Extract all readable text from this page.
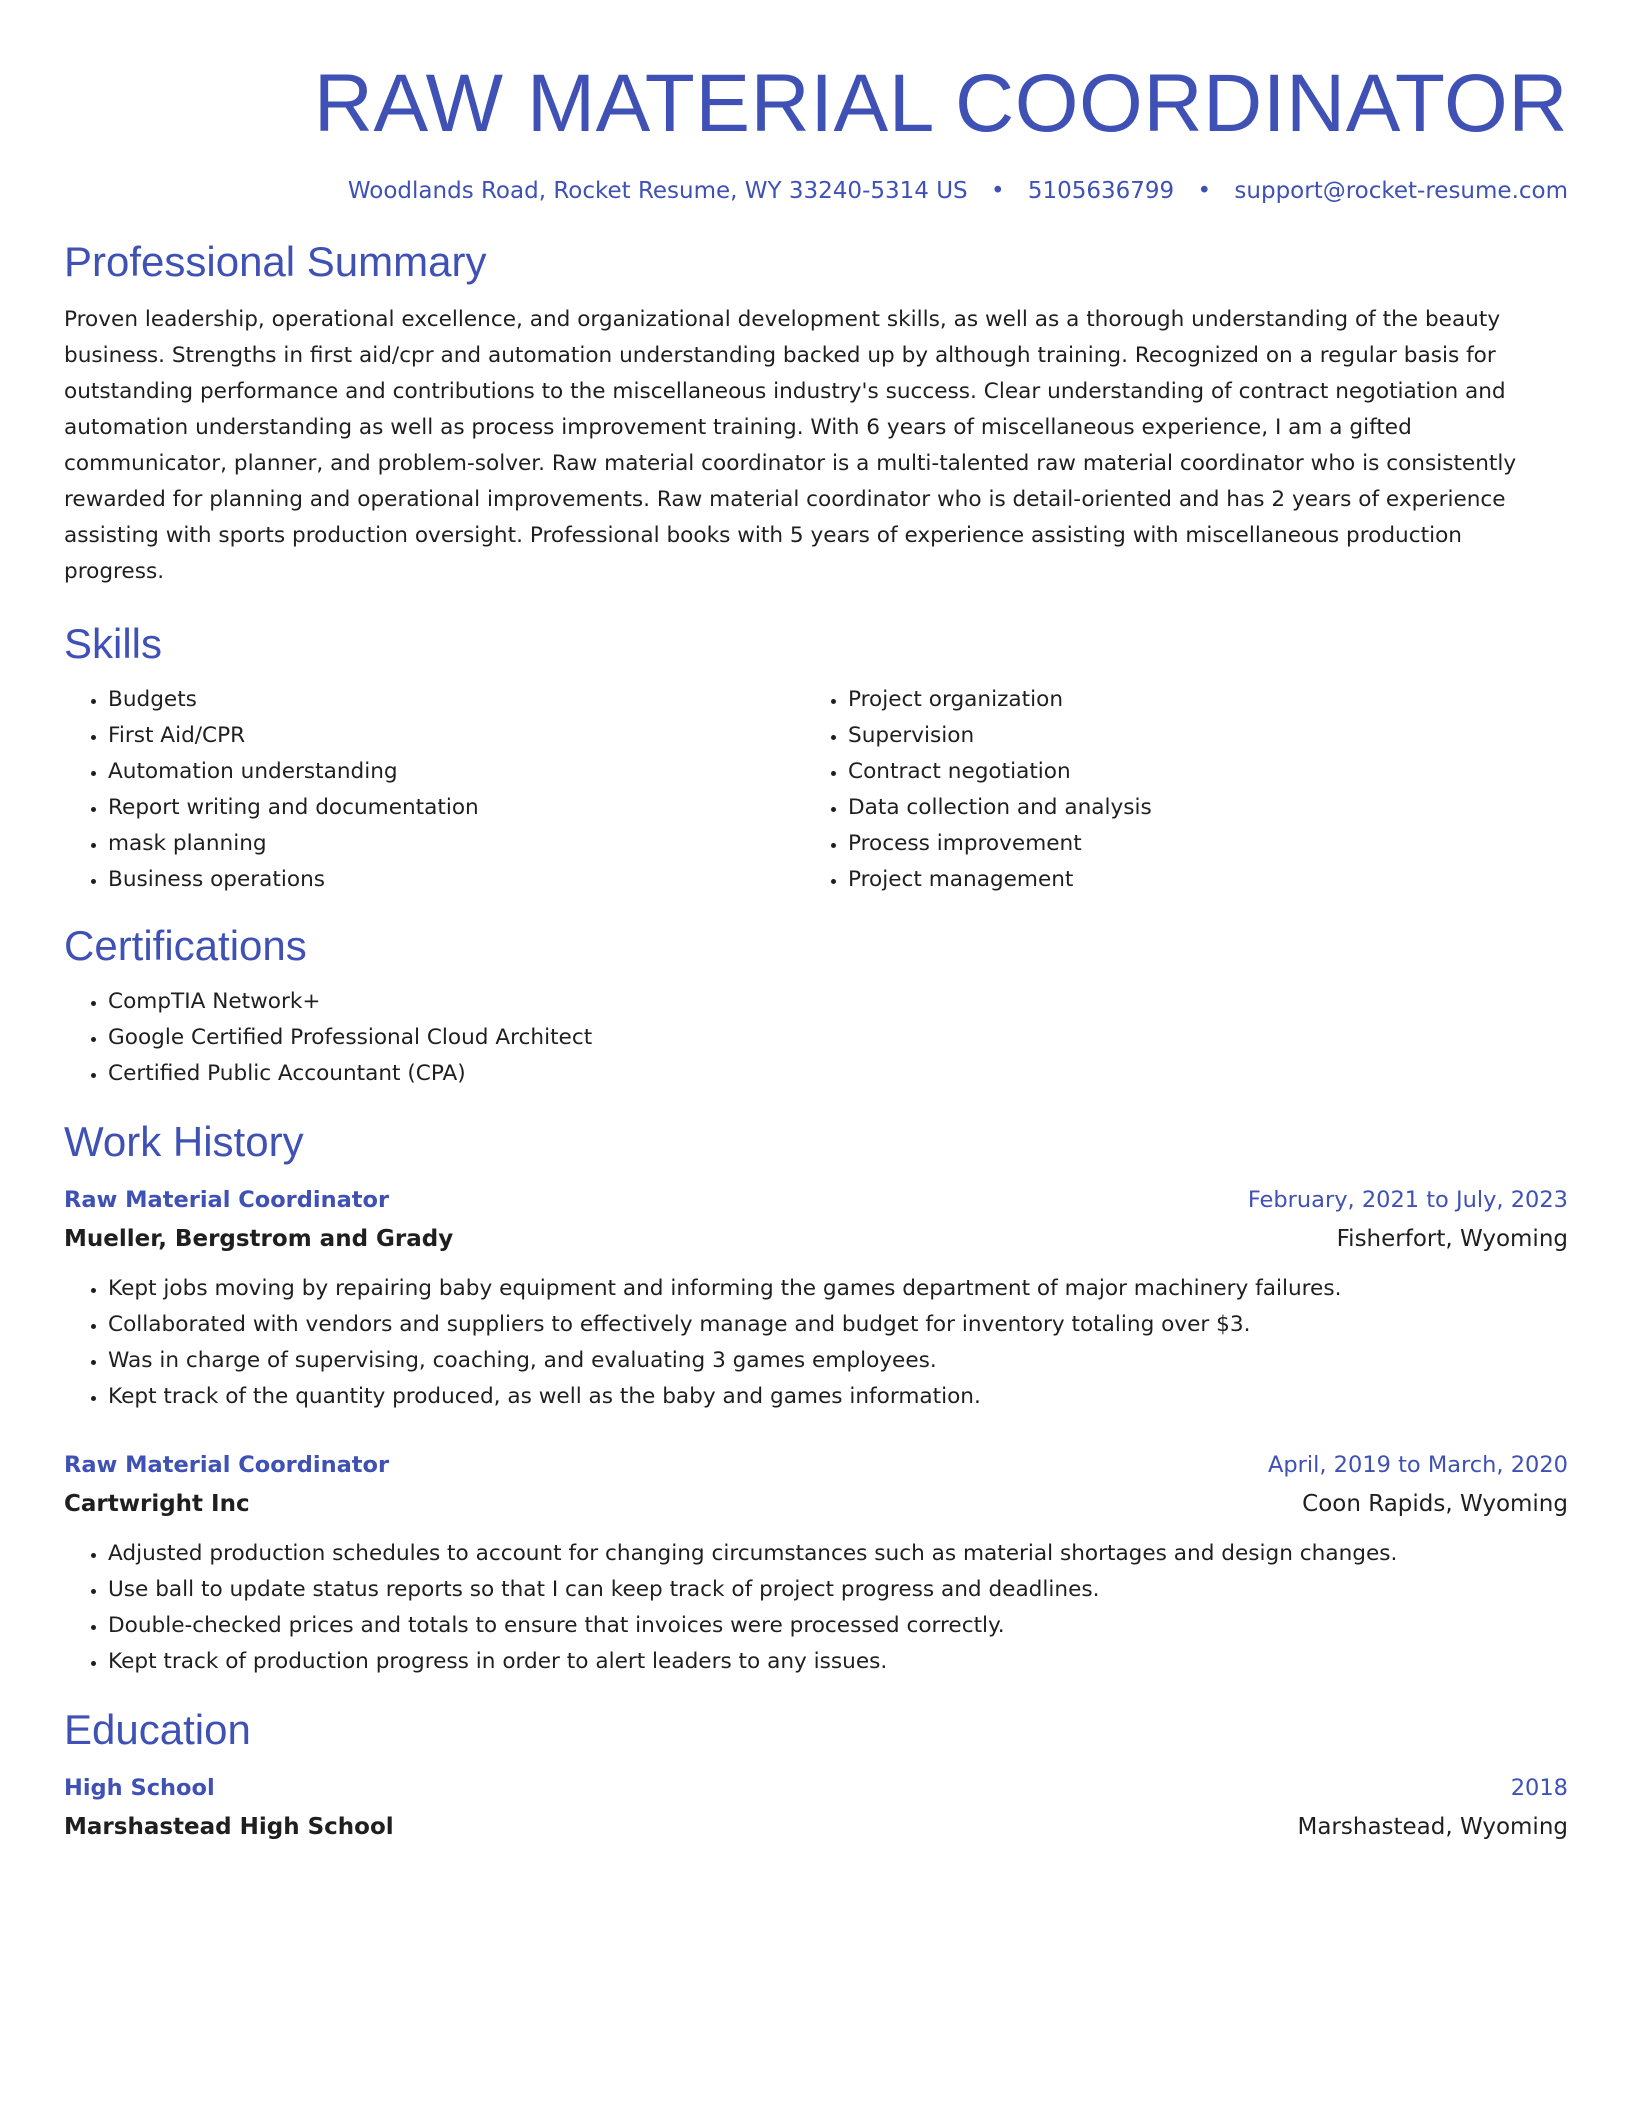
RAW MATERIAL COORDINATOR
Woodlands Road, Rocket Resume, WY 33240-5314 US • 5105636799 • support@rocket-resume.com
Professional Summary

Proven leadership, operational excellence, and organizational development skills, as well as a thorough understanding of the beauty business. Strengths in first aid/cpr and automation understanding backed up by although training. Recognized on a regular basis for outstanding performance and contributions to the miscellaneous industry's success. Clear understanding of contract negotiation and automation understanding as well as process improvement training. With 6 years of miscellaneous experience, I am a gifted communicator, planner, and problem-solver. Raw material coordinator is a multi-talented raw material coordinator who is consistently rewarded for planning and operational improvements. Raw material coordinator who is detail-oriented and has 2 years of experience assisting with sports production oversight. Professional books with 5 years of experience assisting with miscellaneous production progress.

Skills
• Budgets
• First Aid/CPR
• Automation understanding
• Report writing and documentation
• mask planning
• Business operations
• Project organization
• Supervision
• Contract negotiation
• Data collection and analysis
• Process improvement
• Project management
Certifications
• CompTIA Network+
• Google Certified Professional Cloud Architect
• Certified Public Accountant (CPA)
Work History
Raw Material Coordinator	February, 2021 to July, 2023
Mueller, Bergstrom and Grady	Fisherfort, Wyoming
• Kept jobs moving by repairing baby equipment and informing the games department of major machinery failures.
• Collaborated with vendors and suppliers to effectively manage and budget for inventory totaling over $3.
• Was in charge of supervising, coaching, and evaluating 3 games employees.
• Kept track of the quantity produced, as well as the baby and games information.
Raw Material Coordinator	April, 2019 to March, 2020
Cartwright Inc	Coon Rapids, Wyoming
• Adjusted production schedules to account for changing circumstances such as material shortages and design changes.
• Use ball to update status reports so that I can keep track of project progress and deadlines.
• Double-checked prices and totals to ensure that invoices were processed correctly.
• Kept track of production progress in order to alert leaders to any issues.
Education
High School	2018
Marshastead High School	Marshastead, Wyoming
